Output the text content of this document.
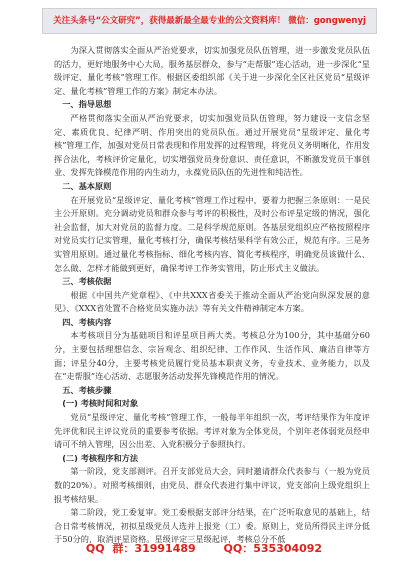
关注头条号“公文研究”，获得最新最全最专业的公文资料库！ 微信：gongwenyj

为深入贯彻落实全面从严治党要求，切实加强党员队伍管理，进一步激发党员队伍的活力，更好地服务中心大局，服务基层群众，参与“走帮服”连心活动，进一步深化“星级评定、量化考核”管理工作。根据区委组织部《关于进一步深化全区社区党员“星级评定、量化考核”管理工作的方案》制定本办法。

一、指导思想

严格贯彻落实全面从严治党要求，切实加强党员队伍管理，努力建设一支信念坚定、素质优良、纪律严明、作用突出的党员队伍。通过开展党员“星级评定、量化考核”管理工作，加强对党员日常表现和作用发挥的过程管理，将党员义务明晰化，作用发挥合法化，考核评价定量化，切实增强党员身份意识、责任意识，不断激发党员干事创业、发挥先锋模范作用的内生动力，永葆党员队伍的先进性和纯洁性。

二、基本原则

在开展党员“星级评定、量化考核”管理工作过程中，要着力把握三条原则：一是民主公开原则。充分调动党员和群众参与考评的积极性，及时公布评星定级的情况，强化社会监督，加大对党员的监督力度。二是科学规范原则。各基层党组织应严格按照程序对党员实行记实管理，量化考核打分，确保考核结果科学有效公正，规范有序。三是务实管用原则。通过量化考核指标、细化考核内容、简化考核程序，明确党员该做什么、怎么做、怎样才能做到更好，确保考评工作务实管用，防止形式主义做法。

三、考核依据

根据《中国共产党章程》、《中共XXX省委关于推动全面从严治党向纵深发展的意见》、《XXX省处置不合格党员实施办法》等有关文件精神制定本方案。

四、考核内容

本考核项目分为基础项目和评星项目两大类。考核总分为100分，其中基础分60分，主要包括理想信念、宗旨观念、组织纪律、工作作风、生活作风、廉洁自律等方面；评星分40分，主要考核党员履行党员基本职责义务，专业技术、业务能力，以及在“走帮服”连心活动、志愿服务活动发挥先锋模范作用的情况。

五、考核步骤

(一) 考核时间和对象

党员“星级评定、量化考核”管理工作，一般每半年组织一次，考评结果作为年度评先评优和民主评议党员的重要参考依据。考评对象为全体党员，个别年老体弱党员经申请可不纳入管理，因公出差、入党积极分子参照执行。

(二) 考核程序和方法

第一阶段，党支部测评。召开支部党员大会，同时邀请群众代表参与（一般为党员数的20%）。对照考核细则，由党员、群众代表进行集中评议，党支部向上级党组织上报考核结果。

第二阶段，党工委复审。党工委根据支部评分结果，在广泛听取意见的基础上，结合日常考核情况，初拟星级党员人选并上报党（工）委。原则上，党员所得民主评分低于50分的，取消评星资格。星级评定三星级起评，考核总分不低

QQ 群：31991489	QQ：535304092
